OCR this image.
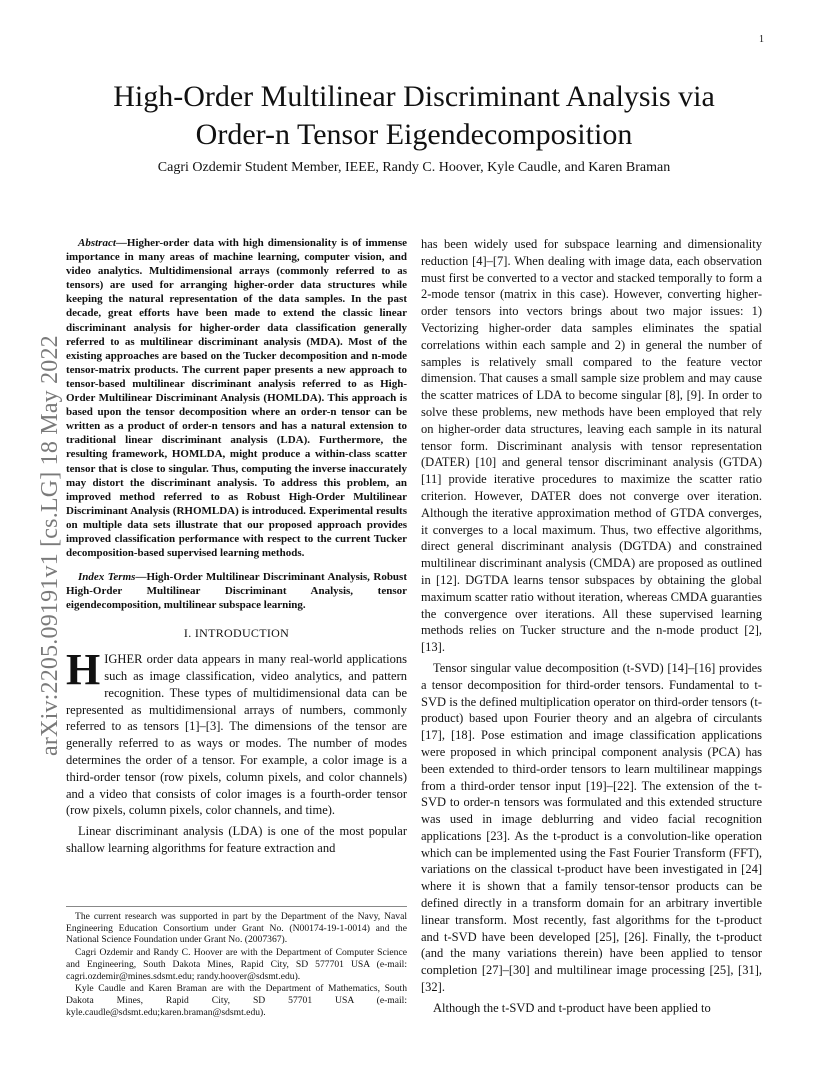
1
arXiv:2205.09191v1 [cs.LG] 18 May 2022
High-Order Multilinear Discriminant Analysis via
Order-n Tensor Eigendecomposition
Cagri Ozdemir Student Member, IEEE, Randy C. Hoover, Kyle Caudle, and Karen Braman

Abstract—Higher-order data with high dimensionality is of immense importance in many areas of machine learning, computer vision, and video analytics. Multidimensional arrays (commonly referred to as tensors) are used for arranging higher-order data structures while keeping the natural representation of the data samples. In the past decade, great efforts have been made to extend the classic linear discriminant analysis for higher-order data classification generally referred to as multilinear discriminant analysis (MDA). Most of the existing approaches are based on the Tucker decomposition and n-mode tensor-matrix products. The current paper presents a new approach to tensor-based multilinear discriminant analysis referred to as High-Order Multilinear Discriminant Analysis (HOMLDA). This approach is based upon the tensor decomposition where an order-n tensor can be written as a product of order-n tensors and has a natural extension to traditional linear discriminant analysis (LDA). Furthermore, the resulting framework, HOMLDA, might produce a within-class scatter tensor that is close to singular. Thus, computing the inverse inaccurately may distort the discriminant analysis. To address this problem, an improved method referred to as Robust High-Order Multilinear Discriminant Analysis (RHOMLDA) is introduced. Experimental results on multiple data sets illustrate that our proposed approach provides improved classification performance with respect to the current Tucker decomposition-based supervised learning methods.

Index Terms—High-Order Multilinear Discriminant Analysis, Robust High-Order Multilinear Discriminant Analysis, tensor eigendecomposition, multilinear subspace learning.

I. INTRODUCTION

HIGHER order data appears in many real-world applications such as image classification, video analytics, and pattern recognition. These types of multidimensional data can be represented as multidimensional arrays of numbers, commonly referred to as tensors [1]–[3]. The dimensions of the tensor are generally referred to as ways or modes. The number of modes determines the order of a tensor. For example, a color image is a third-order tensor (row pixels, column pixels, and color channels) and a video that consists of color images is a fourth-order tensor (row pixels, column pixels, color channels, and time).

Linear discriminant analysis (LDA) is one of the most popular shallow learning algorithms for feature extraction and

The current research was supported in part by the Department of the Navy, Naval Engineering Education Consortium under Grant No. (N00174-19-1-0014) and the National Science Foundation under Grant No. (2007367).

Cagri Ozdemir and Randy C. Hoover are with the Department of Computer Science and Engineering, South Dakota Mines, Rapid City, SD 577701 USA (e-mail: cagri.ozdemir@mines.sdsmt.edu; randy.hoover@sdsmt.edu).

Kyle Caudle and Karen Braman are with the Department of Mathematics, South Dakota Mines, Rapid City, SD 57701 USA (e-mail: kyle.caudle@sdsmt.edu;karen.braman@sdsmt.edu).

has been widely used for subspace learning and dimensionality reduction [4]–[7]. When dealing with image data, each observation must first be converted to a vector and stacked temporally to form a 2-mode tensor (matrix in this case). However, converting higher-order tensors into vectors brings about two major issues: 1) Vectorizing higher-order data samples eliminates the spatial correlations within each sample and 2) in general the number of samples is relatively small compared to the feature vector dimension. That causes a small sample size problem and may cause the scatter matrices of LDA to become singular [8], [9]. In order to solve these problems, new methods have been employed that rely on higher-order data structures, leaving each sample in its natural tensor form. Discriminant analysis with tensor representation (DATER) [10] and general tensor discriminant analysis (GTDA) [11] provide iterative procedures to maximize the scatter ratio criterion. However, DATER does not converge over iteration. Although the iterative approximation method of GTDA converges, it converges to a local maximum. Thus, two effective algorithms, direct general discriminant analysis (DGTDA) and constrained multilinear discriminant analysis (CMDA) are proposed as outlined in [12]. DGTDA learns tensor subspaces by obtaining the global maximum scatter ratio without iteration, whereas CMDA guaranties the convergence over iterations. All these supervised learning methods relies on Tucker structure and the n-mode product [2], [13].

Tensor singular value decomposition (t-SVD) [14]–[16] provides a tensor decomposition for third-order tensors. Fundamental to t-SVD is the defined multiplication operator on third-order tensors (t-product) based upon Fourier theory and an algebra of circulants [17], [18]. Pose estimation and image classification applications were proposed in which principal component analysis (PCA) has been extended to third-order tensors to learn multilinear mappings from a third-order tensor input [19]–[22]. The extension of the t-SVD to order-n tensors was formulated and this extended structure was used in image deblurring and video facial recognition applications [23]. As the t-product is a convolution-like operation which can be implemented using the Fast Fourier Transform (FFT), variations on the classical t-product have been investigated in [24] where it is shown that a family tensor-tensor products can be defined directly in a transform domain for an arbitrary invertible linear transform. Most recently, fast algorithms for the t-product and t-SVD have been developed [25], [26]. Finally, the t-product (and the many variations therein) have been applied to tensor completion [27]–[30] and multilinear image processing [25], [31], [32].

Although the t-SVD and t-product have been applied to
